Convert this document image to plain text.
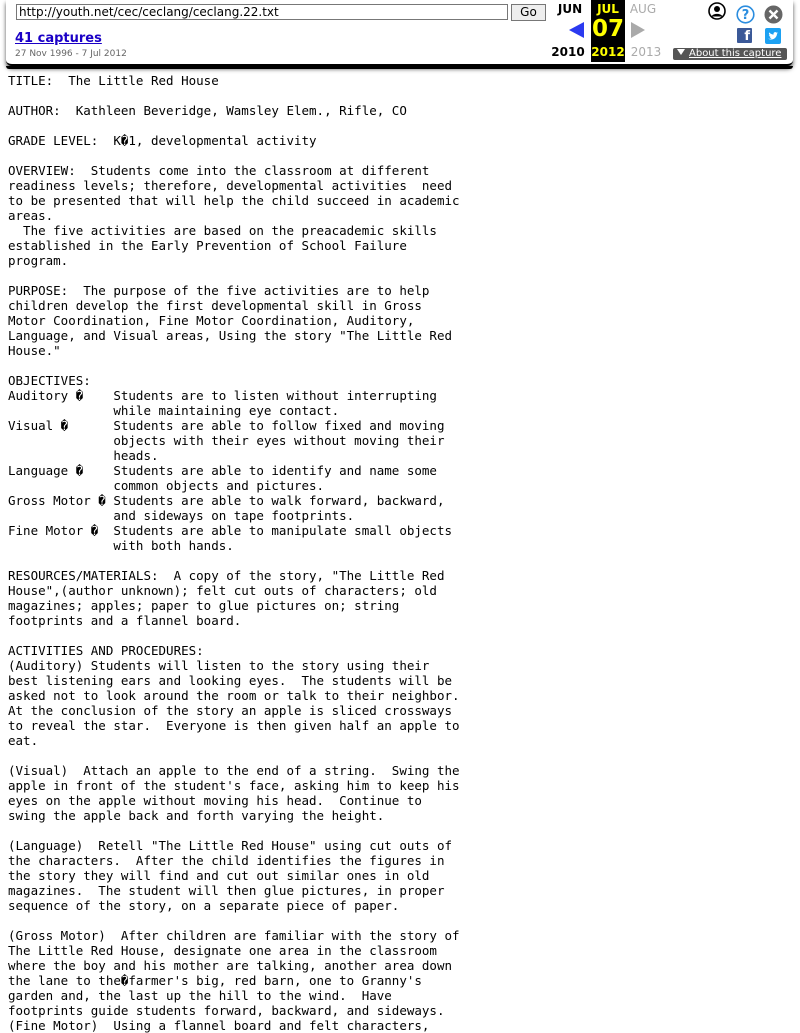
http://youth.net/cec/ceclang/ceclang.22.txt	Go
41 captures
27 Nov 1996 - 7 Jul 2012
JUN	JUL AUG
07
2010 2012 2013
?
f
About this capture
TITLE:  The Little Red House

AUTHOR:  Kathleen Beveridge, Wamsley Elem., Rifle, CO

GRADE LEVEL:  K�1, developmental activity

OVERVIEW:  Students come into the classroom at different
readiness levels; therefore, developmental activities  need
to be presented that will help the child succeed in academic
areas.
The five activities are based on the preacademic skills
established in the Early Prevention of School Failure
program.

PURPOSE:  The purpose of the five activities are to help
children develop the first developmental skill in Gross
Motor Coordination, Fine Motor Coordination, Auditory,
Language, and Visual areas, Using the story "The Little Red
House."

OBJECTIVES:
Auditory �    Students are to listen without interrupting
while maintaining eye contact.
Visual �      Students are able to follow fixed and moving
objects with their eyes without moving their
heads.
Language �    Students are able to identify and name some
common objects and pictures.
Gross Motor � Students are able to walk forward, backward,
and sideways on tape footprints.
Fine Motor �  Students are able to manipulate small objects
with both hands.

RESOURCES/MATERIALS:  A copy of the story, "The Little Red
House",(author unknown); felt cut outs of characters; old
magazines; apples; paper to glue pictures on; string
footprints and a flannel board.

ACTIVITIES AND PROCEDURES:
(Auditory) Students will listen to the story using their
best listening ears and looking eyes.  The students will be
asked not to look around the room or talk to their neighbor.
At the conclusion of the story an apple is sliced crossways
to reveal the star.  Everyone is then given half an apple to
eat.

(Visual)  Attach an apple to the end of a string.  Swing the
apple in front of the student's face, asking him to keep his
eyes on the apple without moving his head.  Continue to
swing the apple back and forth varying the height.

(Language)  Retell "The Little Red House" using cut outs of
the characters.  After the child identifies the figures in
the story they will find and cut out similar ones in old
magazines.  The student will then glue pictures, in proper
sequence of the story, on a separate piece of paper.

(Gross Motor)  After children are familiar with the story of
The Little Red House, designate one area in the classroom
where the boy and his mother are talking, another area down
the lane to the�farmer's big, red barn, one to Granny's
garden and, the last up the hill to the wind.  Have
footprints guide students forward, backward, and sideways.
(Fine Motor)  Using a flannel board and felt characters,
